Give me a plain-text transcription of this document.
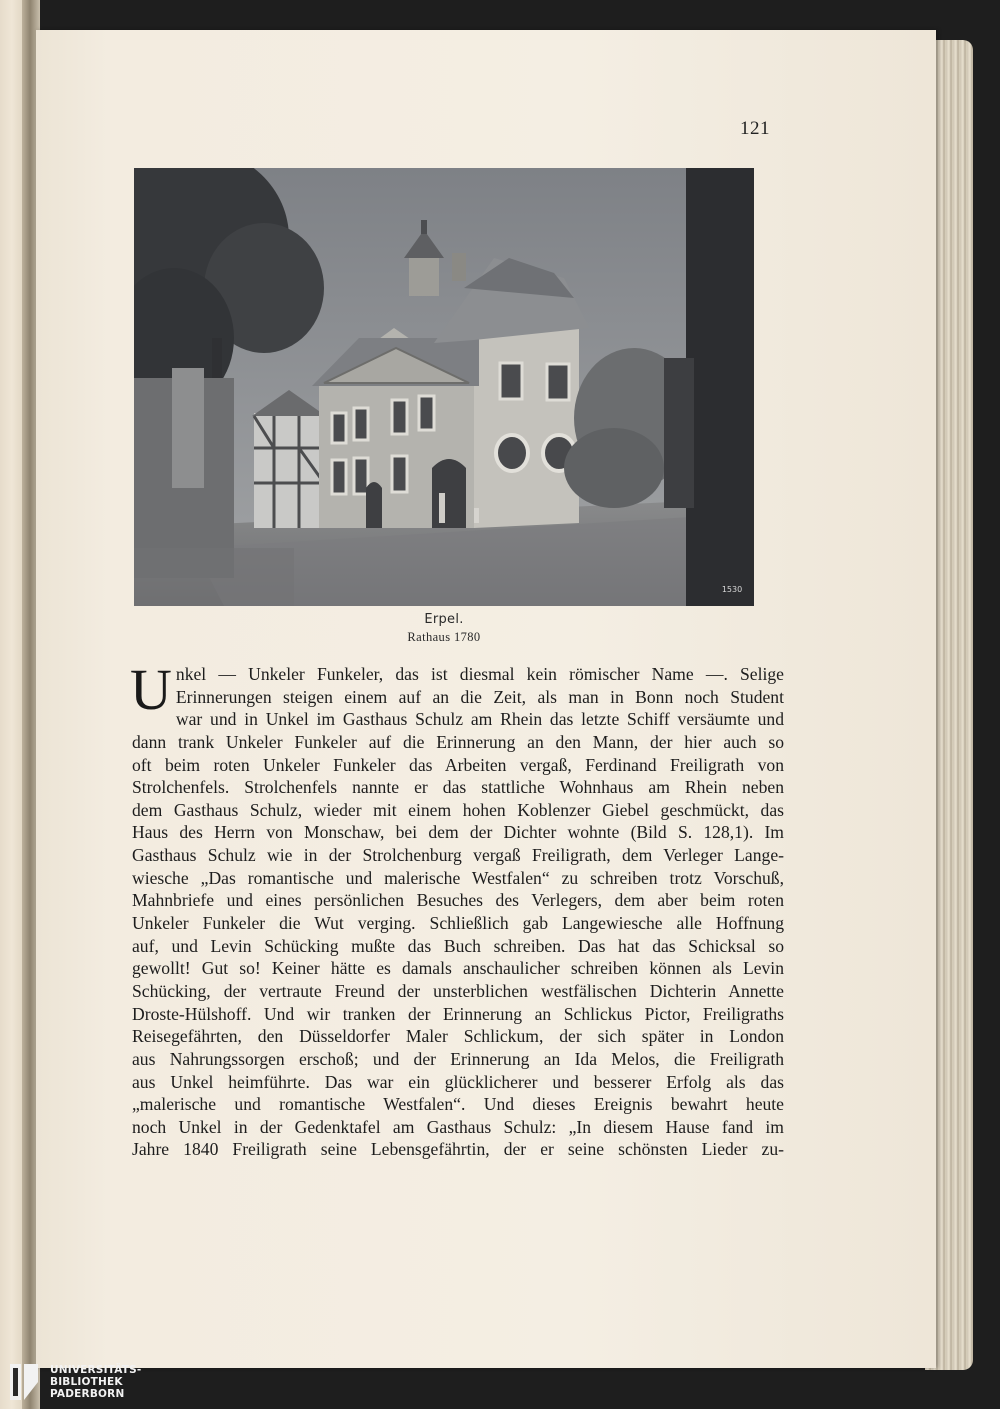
121
1530
Erpel.
Rathaus 1780
U nkel — Unkeler Funkeler, das ist diesmal kein römischer Name —. Selige
Erinnerungen steigen einem auf an die Zeit, als man in Bonn noch Student
war und in Unkel im Gasthaus Schulz am Rhein das letzte Schiff versäumte und
dann trank Unkeler Funkeler auf die Erinnerung an den Mann, der hier auch so
oft beim roten Unkeler Funkeler das Arbeiten vergaß, Ferdinand Freiligrath von
Strolchenfels. Strolchenfels nannte er das stattliche Wohnhaus am Rhein neben
dem Gasthaus Schulz, wieder mit einem hohen Koblenzer Giebel geschmückt, das
Haus des Herrn von Monschaw, bei dem der Dichter wohnte (Bild S. 128,1). Im
Gasthaus Schulz wie in der Strolchenburg vergaß Freiligrath, dem Verleger Lange-
wiesche „Das romantische und malerische Westfalen“ zu schreiben trotz Vorschuß,
Mahnbriefe und eines persönlichen Besuches des Verlegers, dem aber beim roten
Unkeler Funkeler die Wut verging. Schließlich gab Langewiesche alle Hoffnung
auf, und Levin Schücking mußte das Buch schreiben. Das hat das Schicksal so
gewollt! Gut so! Keiner hätte es damals anschaulicher schreiben können als Levin
Schücking, der vertraute Freund der unsterblichen westfälischen Dichterin Annette
Droste-Hülshoff. Und wir tranken der Erinnerung an Schlickus Pictor, Freiligraths
Reisegefährten, den Düsseldorfer Maler Schlickum, der sich später in London
aus Nahrungssorgen erschoß; und der Erinnerung an Ida Melos, die Freiligrath
aus Unkel heimführte. Das war ein glücklicherer und besserer Erfolg als das
„malerische und romantische Westfalen“. Und dieses Ereignis bewahrt heute
noch Unkel in der Gedenktafel am Gasthaus Schulz: „In diesem Hause fand im
Jahre 1840 Freiligrath seine Lebensgefährtin, der er seine schönsten Lieder zu-
UNIVERSITÄTS-
BIBLIOTHEK
PADERBORN
